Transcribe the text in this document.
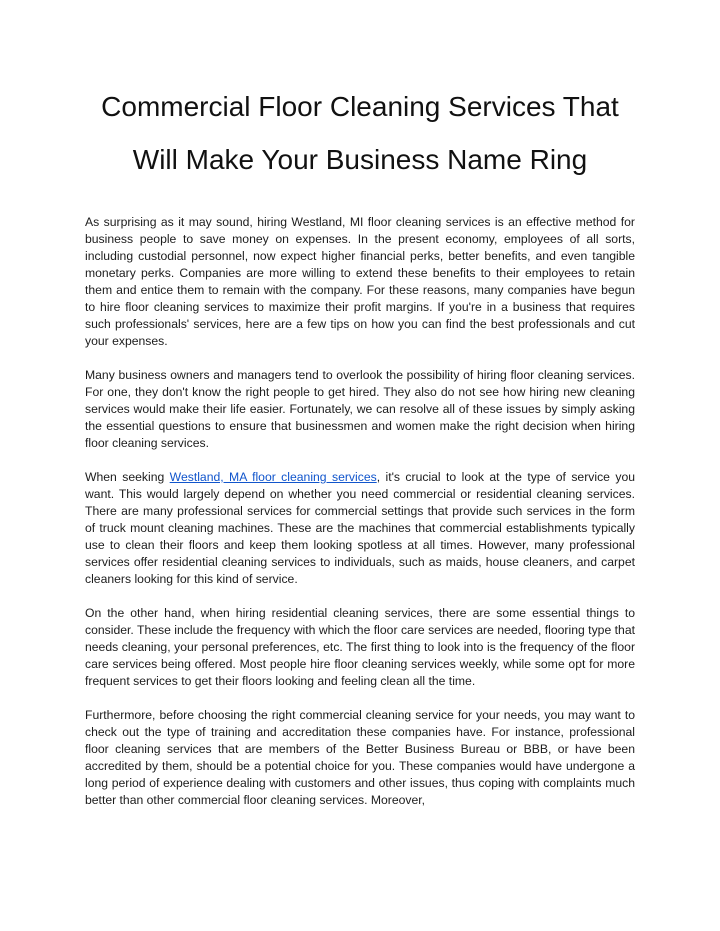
Commercial Floor Cleaning Services That
Will Make Your Business Name Ring

As surprising as it may sound, hiring Westland, MI floor cleaning services is an effective method for business people to save money on expenses. In the present economy, employees of all sorts, including custodial personnel, now expect higher financial perks, better benefits, and even tangible monetary perks. Companies are more willing to extend these benefits to their employees to retain them and entice them to remain with the company. For these reasons, many companies have begun to hire floor cleaning services to maximize their profit margins. If you're in a business that requires such professionals' services, here are a few tips on how you can find the best professionals and cut your expenses.

Many business owners and managers tend to overlook the possibility of hiring floor cleaning services. For one, they don't know the right people to get hired. They also do not see how hiring new cleaning services would make their life easier. Fortunately, we can resolve all of these issues by simply asking the essential questions to ensure that businessmen and women make the right decision when hiring floor cleaning services.

When seeking Westland, MA floor cleaning services, it's crucial to look at the type of service you want. This would largely depend on whether you need commercial or residential cleaning services. There are many professional services for commercial settings that provide such services in the form of truck mount cleaning machines. These are the machines that commercial establishments typically use to clean their floors and keep them looking spotless at all times. However, many professional services offer residential cleaning services to individuals, such as maids, house cleaners, and carpet cleaners looking for this kind of service.

On the other hand, when hiring residential cleaning services, there are some essential things to consider. These include the frequency with which the floor care services are needed, flooring type that needs cleaning, your personal preferences, etc. The first thing to look into is the frequency of the floor care services being offered. Most people hire floor cleaning services weekly, while some opt for more frequent services to get their floors looking and feeling clean all the time.

Furthermore, before choosing the right commercial cleaning service for your needs, you may want to check out the type of training and accreditation these companies have. For instance, professional floor cleaning services that are members of the Better Business Bureau or BBB, or have been accredited by them, should be a potential choice for you. These companies would have undergone a long period of experience dealing with customers and other issues, thus coping with complaints much better than other commercial floor cleaning services. Moreover,
